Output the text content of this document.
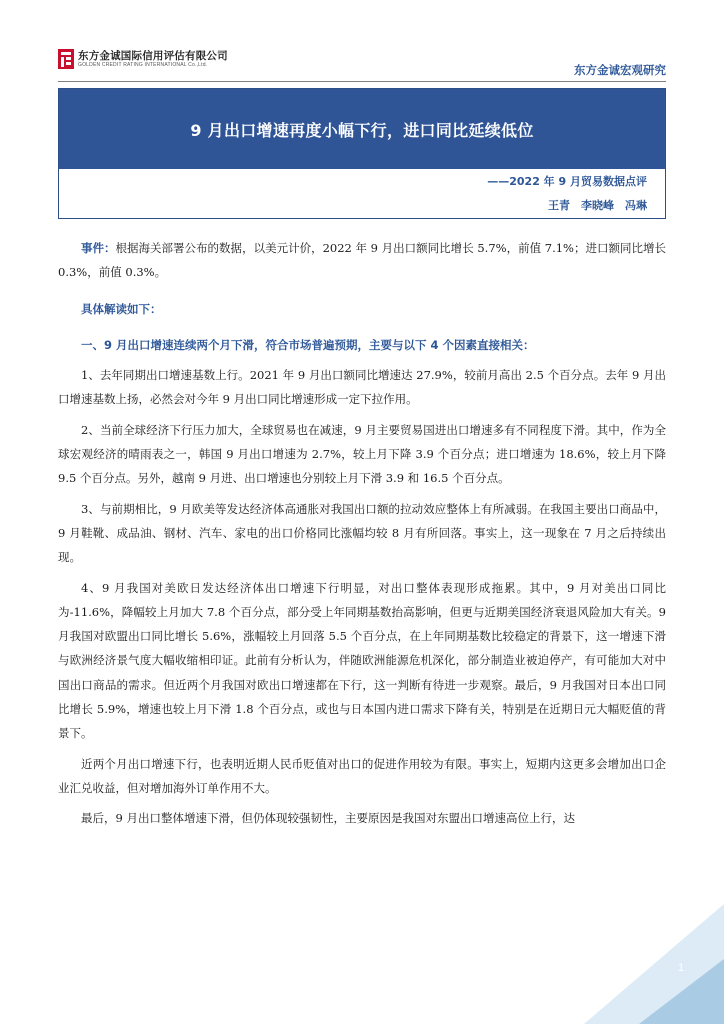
东方金诚国际信用评估有限公司
GOLDEN CREDIT RATING INTERNATIONAL Co.,Ltd.	东方金诚宏观研究
9 月出口增速再度小幅下行，进口同比延续低位
——2022 年 9 月贸易数据点评
王青　李晓峰　冯琳

事件：根据海关部署公布的数据，以美元计价，2022 年 9 月出口额同比增长 5.7%，前值 7.1%；进口额同比增长 0.3%，前值 0.3%。

具体解读如下：

一、9 月出口增速连续两个月下滑，符合市场普遍预期，主要与以下 4 个因素直接相关：

1、去年同期出口增速基数上行。2021 年 9 月出口额同比增速达 27.9%，较前月高出 2.5 个百分点。去年 9 月出口增速基数上扬，必然会对今年 9 月出口同比增速形成一定下拉作用。

2、当前全球经济下行压力加大，全球贸易也在减速，9 月主要贸易国进出口增速多有不同程度下滑。其中，作为全球宏观经济的晴雨表之一，韩国 9 月出口增速为 2.7%，较上月下降 3.9 个百分点；进口增速为 18.6%，较上月下降 9.5 个百分点。另外，越南 9 月进、出口增速也分别较上月下滑 3.9 和 16.5 个百分点。

3、与前期相比，9 月欧美等发达经济体高通胀对我国出口额的拉动效应整体上有所减弱。在我国主要出口商品中，9 月鞋靴、成品油、钢材、汽车、家电的出口价格同比涨幅均较 8 月有所回落。事实上，这一现象在 7 月之后持续出现。

4、9 月我国对美欧日发达经济体出口增速下行明显，对出口整体表现形成拖累。其中，9 月对美出口同比为-11.6%，降幅较上月加大 7.8 个百分点，部分受上年同期基数抬高影响，但更与近期美国经济衰退风险加大有关。9 月我国对欧盟出口同比增长 5.6%，涨幅较上月回落 5.5 个百分点，在上年同期基数比较稳定的背景下，这一增速下滑与欧洲经济景气度大幅收缩相印证。此前有分析认为，伴随欧洲能源危机深化，部分制造业被迫停产，有可能加大对中国出口商品的需求。但近两个月我国对欧出口增速都在下行，这一判断有待进一步观察。最后，9 月我国对日本出口同比增长 5.9%，增速也较上月下滑 1.8 个百分点，或也与日本国内进口需求下降有关，特别是在近期日元大幅贬值的背景下。

近两个月出口增速下行，也表明近期人民币贬值对出口的促进作用较为有限。事实上，短期内这更多会增加出口企业汇兑收益，但对增加海外订单作用不大。

最后，9 月出口整体增速下滑，但仍体现较强韧性，主要原因是我国对东盟出口增速高位上行，达

1
